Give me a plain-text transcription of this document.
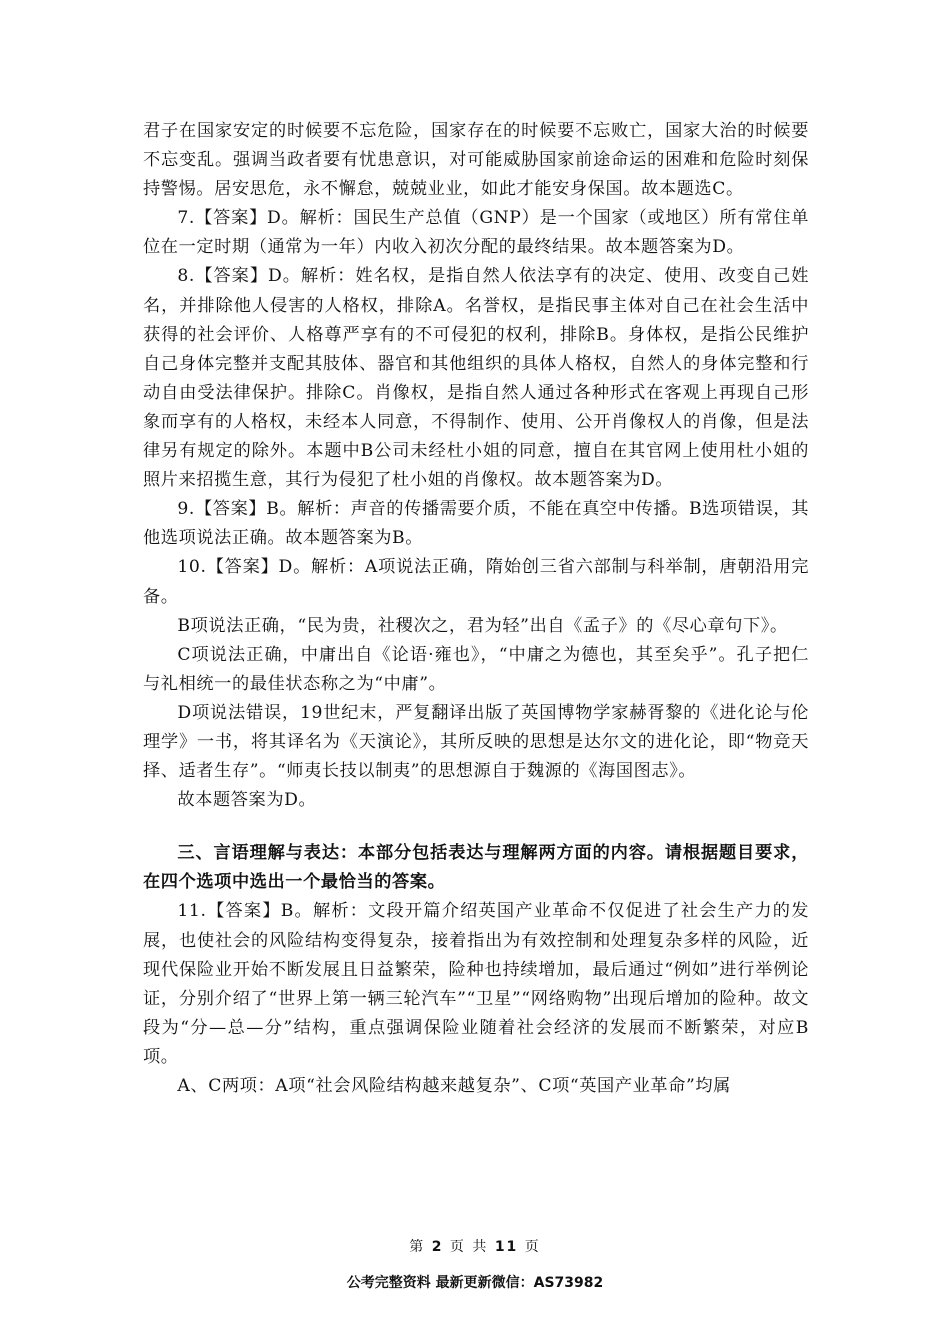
君子在国家安定的时候要不忘危险，国家存在的时候要不忘败亡，国家大治的时候要不忘变乱。强调当政者要有忧患意识，对可能威胁国家前途命运的困难和危险时刻保持警惕。居安思危，永不懈怠，兢兢业业，如此才能安身保国。故本题选C。

7.【答案】D。解析：国民生产总值（GNP）是一个国家（或地区）所有常住单位在一定时期（通常为一年）内收入初次分配的最终结果。故本题答案为D。

8.【答案】D。解析：姓名权，是指自然人依法享有的决定、使用、改变自己姓名，并排除他人侵害的人格权，排除A。名誉权，是指民事主体对自己在社会生活中获得的社会评价、人格尊严享有的不可侵犯的权利，排除B。身体权，是指公民维护自己身体完整并支配其肢体、器官和其他组织的具体人格权，自然人的身体完整和行动自由受法律保护。排除C。肖像权，是指自然人通过各种形式在客观上再现自己形象而享有的人格权，未经本人同意，不得制作、使用、公开肖像权人的肖像，但是法律另有规定的除外。本题中B公司未经杜小姐的同意，擅自在其官网上使用杜小姐的照片来招揽生意，其行为侵犯了杜小姐的肖像权。故本题答案为D。

9.【答案】B。解析：声音的传播需要介质，不能在真空中传播。B选项错误，其他选项说法正确。故本题答案为B。

10.【答案】D。解析：A项说法正确，隋始创三省六部制与科举制，唐朝沿用完备。

B项说法正确，“民为贵，社稷次之，君为轻”出自《孟子》的《尽心章句下》。

C项说法正确，中庸出自《论语·雍也》，“中庸之为德也，其至矣乎”。孔子把仁与礼相统一的最佳状态称之为“中庸”。

D项说法错误，19世纪末，严复翻译出版了英国博物学家赫胥黎的《进化论与伦理学》一书，将其译名为《天演论》，其所反映的思想是达尔文的进化论，即“物竞天择、适者生存”。“师夷长技以制夷”的思想源自于魏源的《海国图志》。

故本题答案为D。

三、言语理解与表达：本部分包括表达与理解两方面的内容。请根据题目要求，在四个选项中选出一个最恰当的答案。

11.【答案】B。解析：文段开篇介绍英国产业革命不仅促进了社会生产力的发展，也使社会的风险结构变得复杂，接着指出为有效控制和处理复杂多样的风险，近现代保险业开始不断发展且日益繁荣，险种也持续增加，最后通过“例如”进行举例论证，分别介绍了“世界上第一辆三轮汽车”“卫星”“网络购物”出现后增加的险种。故文段为“分—总—分”结构，重点强调保险业随着社会经济的发展而不断繁荣，对应B项。

A、C两项：A项“社会风险结构越来越复杂”、C项“英国产业革命”均属

第 2 页 共 11 页
公考完整资料 最新更新微信：AS73982
